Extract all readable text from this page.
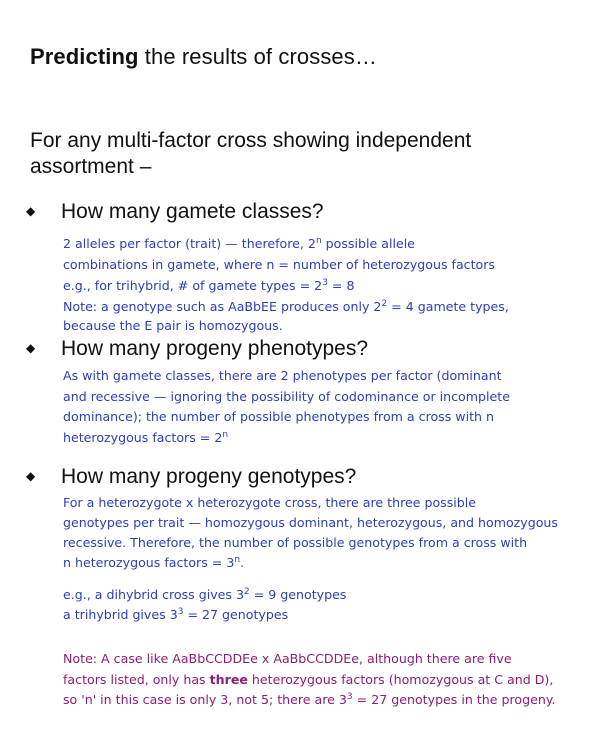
Predicting the results of crosses…
For any multi-factor cross showing independent
assortment –
◆ How many gamete classes?
2 alleles per factor (trait) — therefore, 2$^n$ possible allele
combinations in gamete, where n = number of heterozygous factors
e.g., for trihybrid, # of gamete types = $2^3 = 8$
Note: a genotype such as AaBbEE produces only $2^2 = 4$ gamete types,
because the E pair is homozygous.
◆ How many progeny phenotypes?
As with gamete classes, there are 2 phenotypes per factor (dominant
and recessive — ignoring the possibility of codominance or incomplete
dominance); the number of possible phenotypes from a cross with n
heterozygous factors = $2^n$
◆ How many progeny genotypes?
For a heterozygote x heterozygote cross, there are three possible
genotypes per trait — homozygous dominant, heterozygous, and homozygous
recessive. Therefore, the number of possible genotypes from a cross with
n heterozygous factors = $3^n$.
e.g., a dihybrid cross gives $3^2 = 9$ genotypes
a trihybrid gives $3^3 = 27$ genotypes
Note: A case like AaBbCCDDEe x AaBbCCDDEe, although there are five
factors listed, only has three heterozygous factors (homozygous at C and D),
so 'n' in this case is only 3, not 5; there are $3^3 = 27$ genotypes in the progeny.
